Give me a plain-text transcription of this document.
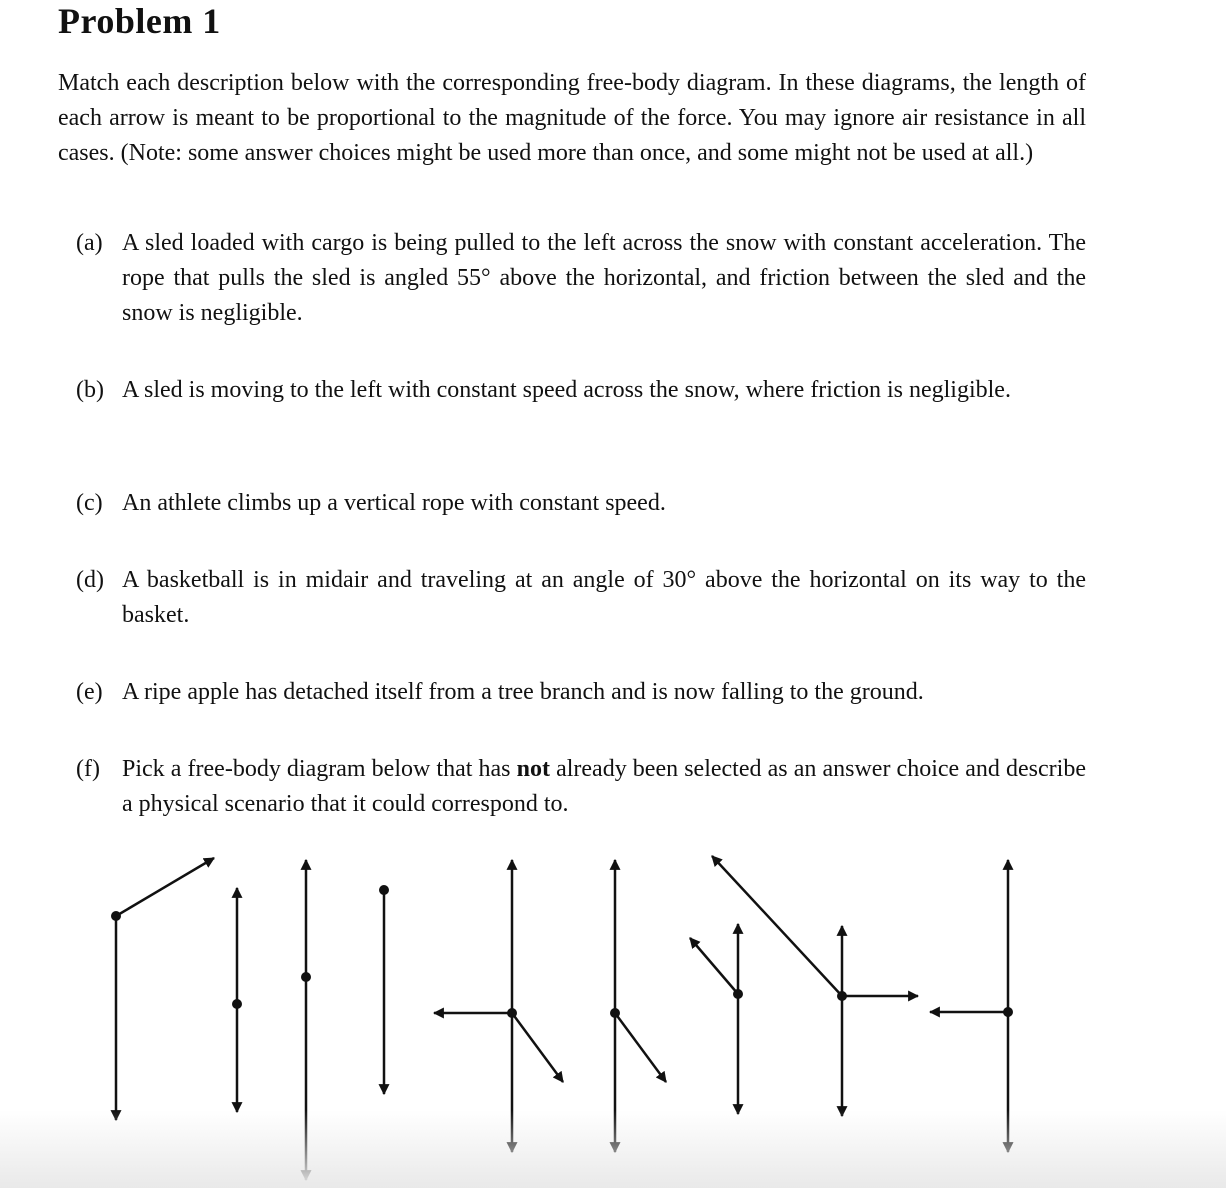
Problem 1

Match each description below with the corresponding free-body diagram. In these diagrams, the length of each arrow is meant to be proportional to the magnitude of the force. You may ignore air resistance in all cases. (Note: some answer choices might be used more than once, and some might not be used at all.)

(a) A sled loaded with cargo is being pulled to the left across the snow with constant acceleration. The rope that pulls the sled is angled 55° above the horizontal, and friction between the sled and the snow is negligible.
(b) A sled is moving to the left with constant speed across the snow, where friction is negligible.
(c) An athlete climbs up a vertical rope with constant speed.
(d) A basketball is in midair and traveling at an angle of 30° above the horizontal on its way to the basket.
(e) A ripe apple has detached itself from a tree branch and is now falling to the ground.
(f) Pick a free-body diagram below that has not already been selected as an answer choice and describe a physical scenario that it could correspond to.
